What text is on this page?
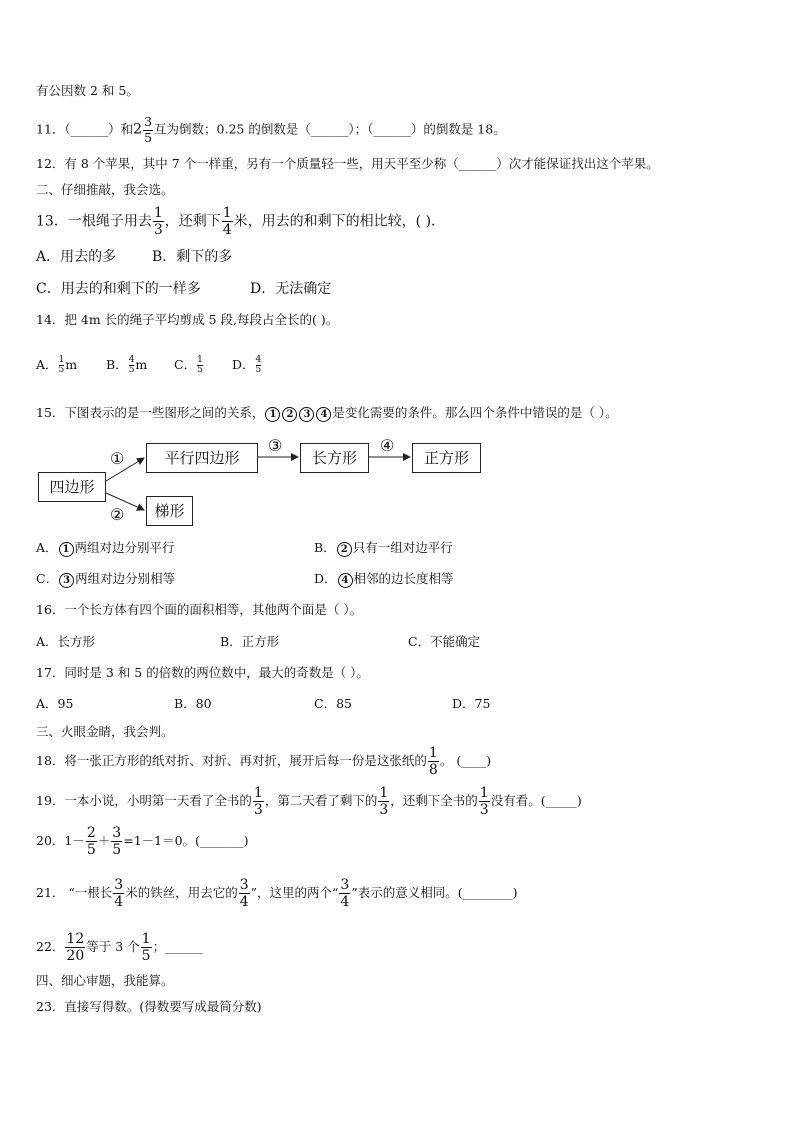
有公因数 2 和 5。
11．（______）和$2 \frac{3}{5}$ 互为倒数；0.25 的倒数是（______）；（______）的倒数是 18。
12．有 8 个苹果，其中 7 个一样重，另有一个质量轻一些，用天平至少称（______）次才能保证找出这个苹果。
二、仔细推敲，我会选。
13．一根绳子用去 $\frac{1}{3}$ ，还剩下 $\frac{1}{4}$ 米，用去的和剩下的相比较，( )．
A．用去的多	B．剩下的多
C．用去的和剩下的一样多	D．无法确定
14．把 4m 长的绳子平均剪成 5 段,每段占全长的( )。
A． $\frac{1}{5}$ m B． $\frac{4}{5}$ m C． $\frac{1}{5}$ D． $\frac{4}{5}$
15．下图表示的是一些图形之间的关系， 1 2 3 4 是变化需要的条件。那么四个条件中错误的是（ ）。
四边形
平行四边形	长方形	正方形
梯形
①
②
③	④
A． 1 两组对边分别平行	B． 2 只有一组对边平行
C． 3 两组对边分别相等	D． 4 相邻的边长度相等
16．一个长方体有四个面的面积相等，其他两个面是（ ）。
A．长方形	B．正方形	C．不能确定
17．同时是 3 和 5 的倍数的两位数中，最大的奇数是（ ）。
A．95	B．80	C．85	D．75
三、火眼金睛，我会判。
18．将一张正方形的纸对折、对折、再对折，展开后每一份是这张纸的 $\frac{1}{8}$ 。 (____)
19．一本小说，小明第一天看了全书的 $\frac{1}{3}$ ，第二天看了剩下的 $\frac{1}{3}$ ，还剩下全书的 $\frac{1}{3}$ 没有看。(_____)
20．$1- \frac{2}{5} + \frac{3}{5} =1-1=0$。(_______)
21． “一根长 $\frac{3}{4}$ 米的铁丝，用去它的 $\frac{3}{4}$ ”，这里的两个“ $\frac{3}{4}$ ”表示的意义相同。(________)
22． $\frac{12}{20}$ 等于 3 个 $\frac{1}{5}$ ；______
四、细心审题，我能算。
23．直接写得数。(得数要写成最简分数)
